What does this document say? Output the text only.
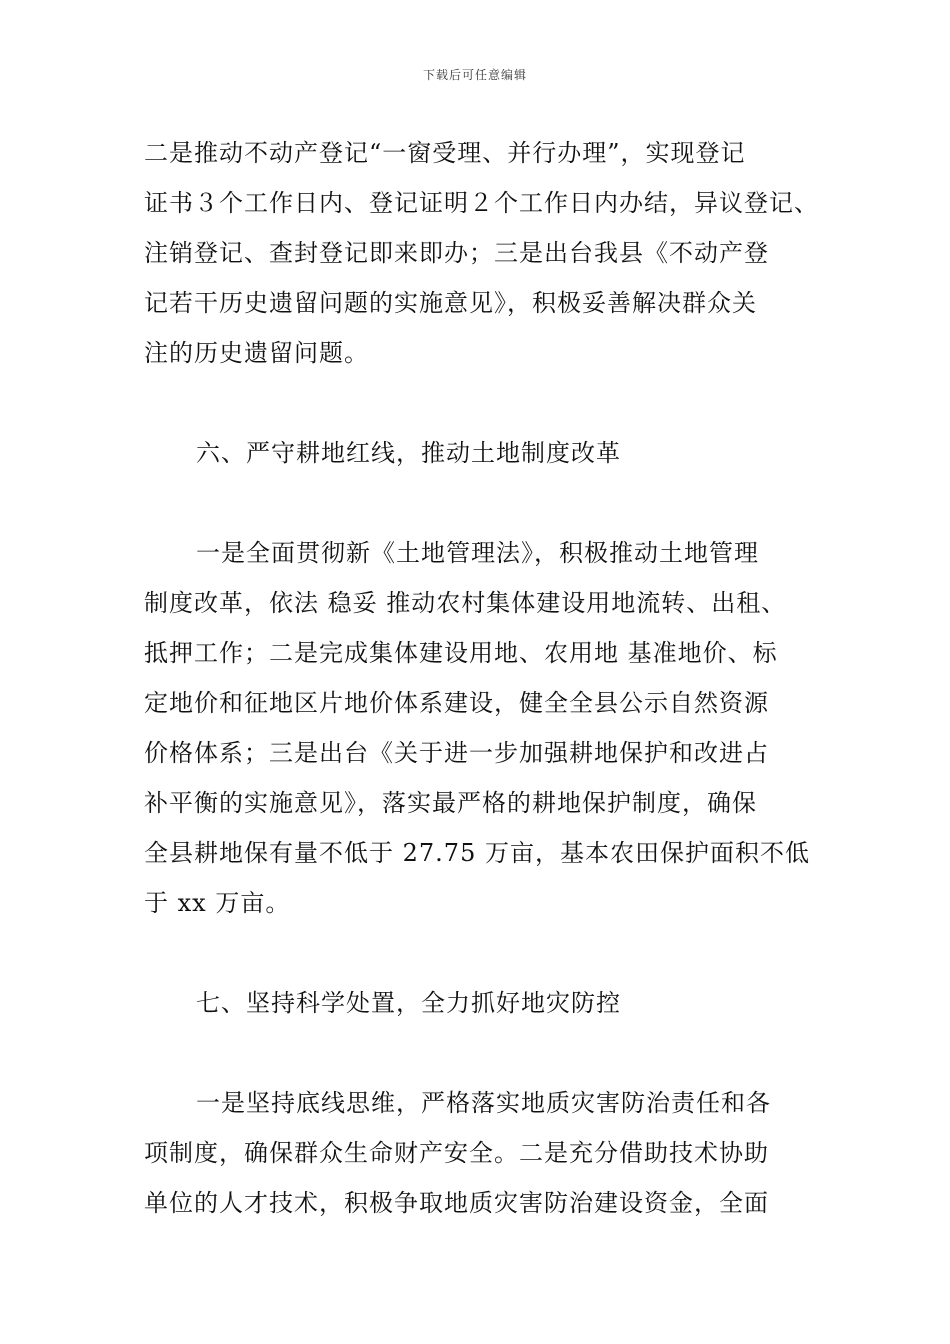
下载后可任意编辑
二是推动不动产登记“一窗受理、并行办理”，实现登记
证书３个工作日内、登记证明２个工作日内办结，异议登记、
注销登记、查封登记即来即办；三是出台我县《不动产登
记若干历史遗留问题的实施意见》，积极妥善解决群众关
注的历史遗留问题。
六、严守耕地红线，推动土地制度改革
一是全面贯彻新《土地管理法》，积极推动土地管理
制度改革，依法 稳妥 推动农村集体建设用地流转、出租、
抵押工作；二是完成集体建设用地、农用地 基准地价、标
定地价和征地区片地价体系建设，健全全县公示自然资源
价格体系；三是出台《关于进一步加强耕地保护和改进占
补平衡的实施意见》，落实最严格的耕地保护制度，确保
全县耕地保有量不低于 27.75 万亩，基本农田保护面积不低
于 xx 万亩。
七、坚持科学处置，全力抓好地灾防控
一是坚持底线思维，严格落实地质灾害防治责任和各
项制度，确保群众生命财产安全。二是充分借助技术协助
单位的人才技术，积极争取地质灾害防治建设资金，全面
